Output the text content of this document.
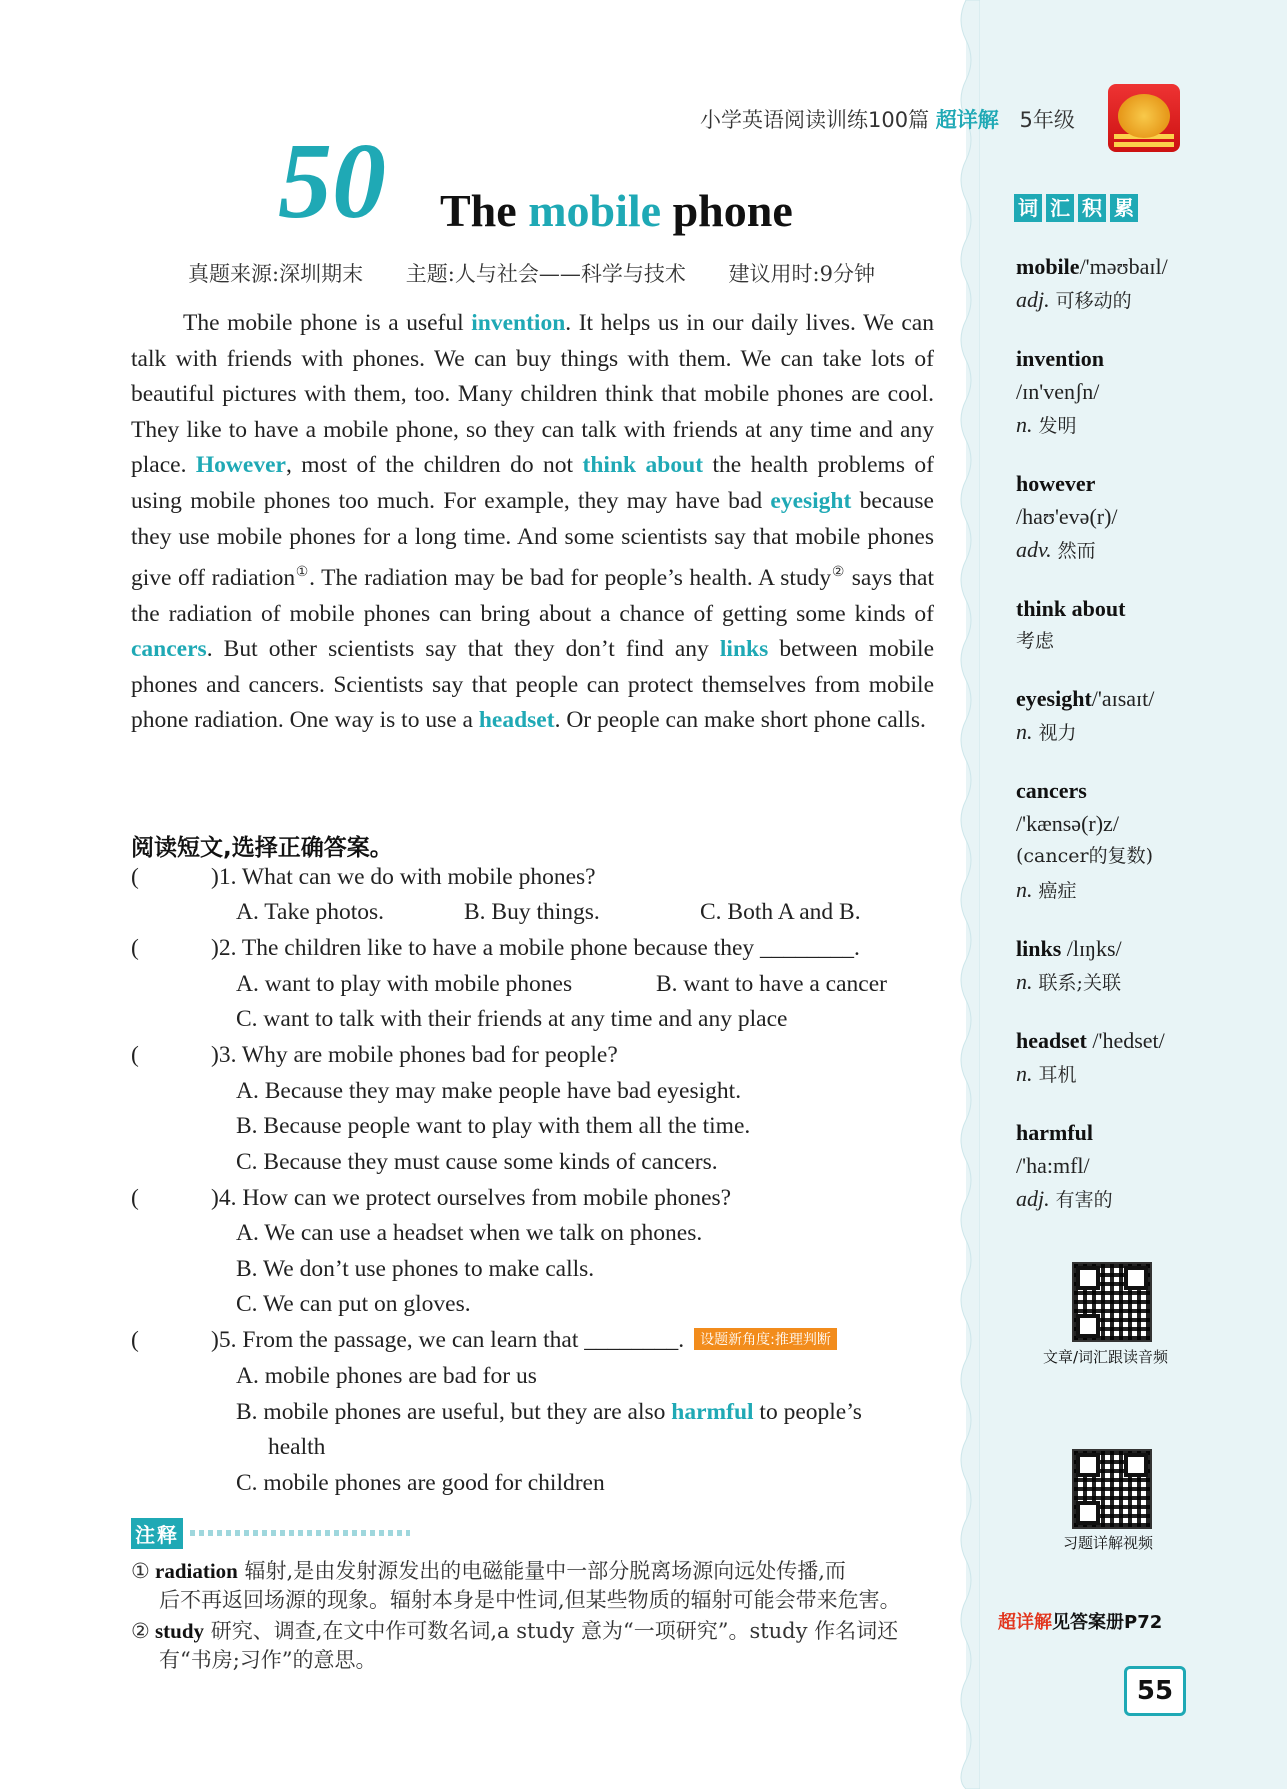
小学英语阅读训练100篇 超详解 5年级
50 The mobile phone
真题来源:深圳期末 主题:人与社会——科学与技术 建议用时:9分钟

The mobile phone is a useful invention. It helps us in our daily lives. We can talk with friends with phones. We can buy things with them. We can take lots of beautiful pictures with them, too. Many children think that mobile phones are cool. They like to have a mobile phone, so they can talk with friends at any time and any place. However, most of the children do not think about the health problems of using mobile phones too much. For example, they may have bad eyesight because they use mobile phones for a long time. And some scientists say that mobile phones give off radiation①. The radiation may be bad for people’s health. A study② says that the radiation of mobile phones can bring about a chance of getting some kinds of cancers. But other scientists say that they don’t find any links between mobile phones and cancers. Scientists say that people can protect themselves from mobile phone radiation. One way is to use a headset. Or people can make short phone calls.

阅读短文,选择正确答案。
(	)1. What can we do with mobile phones?
A. Take photos.	B. Buy things.	C. Both A and B.
(	)2. The children like to have a mobile phone because they ________.
A. want to play with mobile phones	B. want to have a cancer
C. want to talk with their friends at any time and any place
(	)3. Why are mobile phones bad for people?
A. Because they may make people have bad eyesight.
B. Because people want to play with them all the time.
C. Because they must cause some kinds of cancers.
(	)4. How can we protect ourselves from mobile phones?
A. We can use a headset when we talk on phones.
B. We don’t use phones to make calls.
C. We can put on gloves.
(	)5. From the passage, we can learn that ________. 设题新角度:推理判断
A. mobile phones are bad for us
B. mobile phones are useful, but they are also harmful to people’s
health
C. mobile phones are good for children
注释
① radiation 辐射,是由发射源发出的电磁能量中一部分脱离场源向远处传播,而
后不再返回场源的现象。辐射本身是中性词,但某些物质的辐射可能会带来危害。
② study 研究、调查,在文中作可数名词,a study 意为“一项研究”。study 作名词还
有“书房;习作”的意思。
词 汇 积 累
mobile/'məʊbaɪl/
adj. 可移动的
invention
/ɪn'venʃn/
n. 发明
however
/haʊ'evə(r)/
adv. 然而
think about
考虑
eyesight/'aɪsaɪt/
n. 视力
cancers
/'kænsə(r)z/
(cancer的复数)
n. 癌症
links /lɪŋks/
n. 联系;关联
headset /'hedset/
n. 耳机
harmful
/'ha:mfl/
adj. 有害的
文章/词汇跟读音频
习题详解视频
超详解见答案册P72
55
